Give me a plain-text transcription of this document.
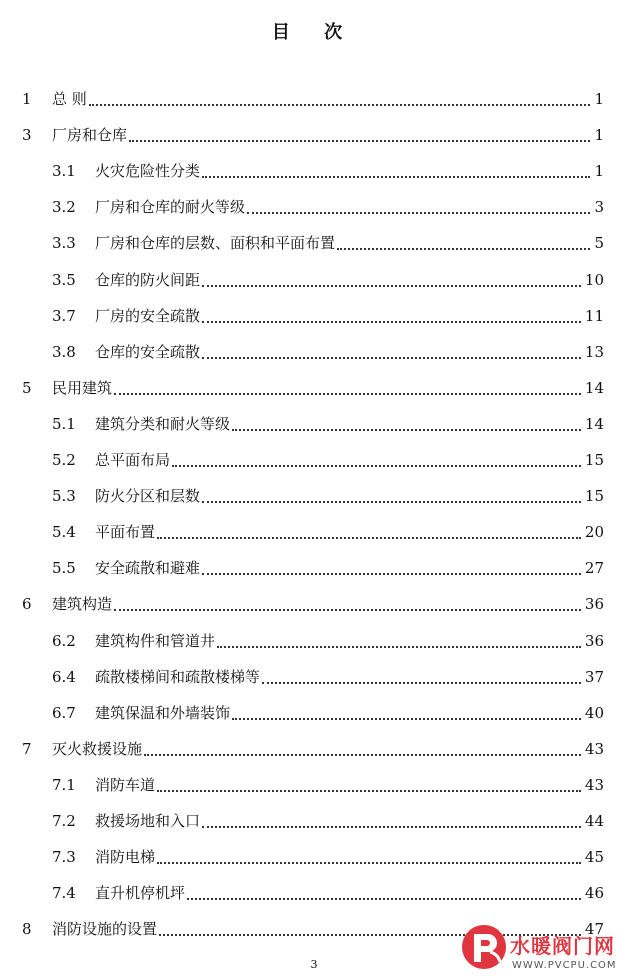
目 次
1 总 则	1
3 厂房和仓库	1
3.1 火灾危险性分类	1
3.2 厂房和仓库的耐火等级	3
3.3 厂房和仓库的层数、面积和平面布置	5
3.5 仓库的防火间距	10
3.7 厂房的安全疏散	11
3.8 仓库的安全疏散	13
5 民用建筑	14
5.1 建筑分类和耐火等级	14
5.2 总平面布局	15
5.3 防火分区和层数	15
5.4 平面布置	20
5.5 安全疏散和避难	27
6 建筑构造	36
6.2 建筑构件和管道井	36
6.4 疏散楼梯间和疏散楼梯等	37
6.7 建筑保温和外墙装饰	40
7 灭火救援设施	43
7.1 消防车道	43
7.2 救援场地和入口	44
7.3 消防电梯	45
7.4 直升机停机坪	46
8 消防设施的设置	47
3
水暖阀门网
WWW.PVCPU.COM
